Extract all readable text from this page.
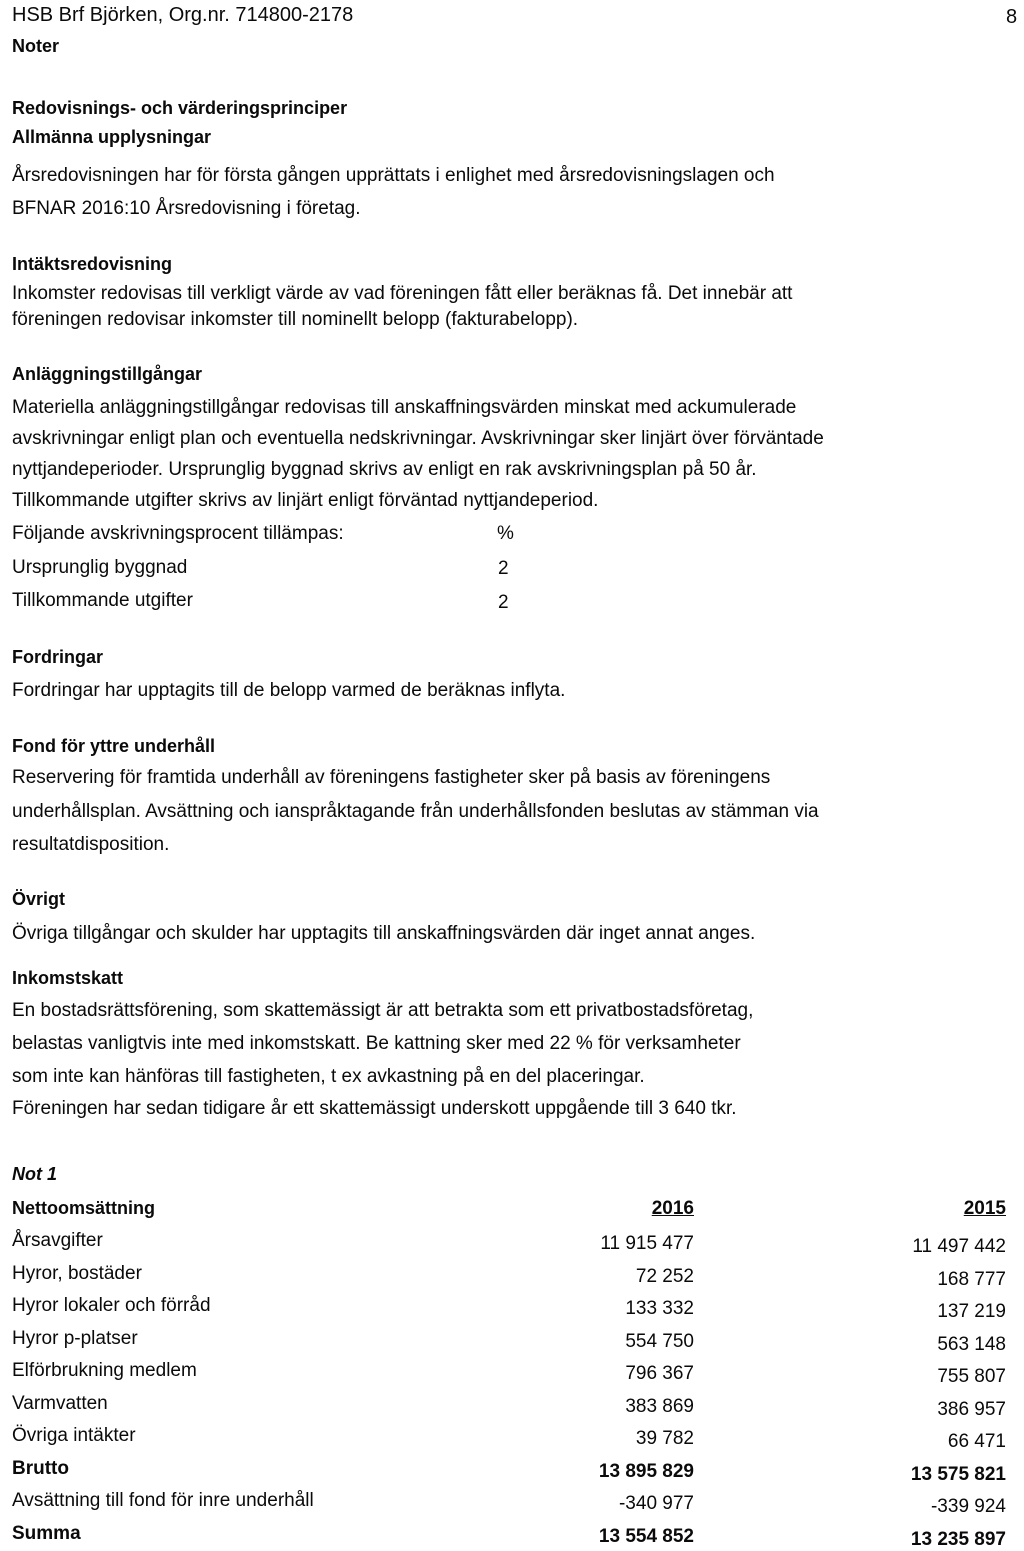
HSB Brf Björken, Org.nr. 714800-2178	8
Noter
Redovisnings- och värderingsprinciper
Allmänna upplysningar
Årsredovisningen har för första gången upprättats i enlighet med årsredovisningslagen och
BFNAR 2016:10 Årsredovisning i företag.
Intäktsredovisning
Inkomster redovisas till verkligt värde av vad föreningen fått eller beräknas få. Det innebär att
föreningen redovisar inkomster till nominellt belopp (fakturabelopp).
Anläggningstillgångar
Materiella anläggningstillgångar redovisas till anskaffningsvärden minskat med ackumulerade
avskrivningar enligt plan och eventuella nedskrivningar. Avskrivningar sker linjärt över förväntade
nyttjandeperioder. Ursprunglig byggnad skrivs av enligt en rak avskrivningsplan på 50 år.
Tillkommande utgifter skrivs av linjärt enligt förväntad nyttjandeperiod.
Följande avskrivningsprocent tillämpas:	%
Ursprunglig byggnad	2
Tillkommande utgifter	2
Fordringar
Fordringar har upptagits till de belopp varmed de beräknas inflyta.
Fond för yttre underhåll
Reservering för framtida underhåll av föreningens fastigheter sker på basis av föreningens
underhållsplan. Avsättning och ianspråktagande från underhållsfonden beslutas av stämman via
resultatdisposition.
Övrigt
Övriga tillgångar och skulder har upptagits till anskaffningsvärden där inget annat anges.
Inkomstskatt
En bostadsrättsförening, som skattemässigt är att betrakta som ett privatbostadsföretag,
belastas vanligtvis inte med inkomstskatt. Be kattning sker med 22 % för verksamheter
som inte kan hänföras till fastigheten, t ex avkastning på en del placeringar.
Föreningen har sedan tidigare år ett skattemässigt underskott uppgående till 3 640 tkr.
Not 1
Nettoomsättning	2016	2015
Årsavgifter	11 915 477	11 497 442
Hyror, bostäder	72 252	168 777
Hyror lokaler och förråd	133 332	137 219
Hyror p-platser	554 750	563 148
Elförbrukning medlem	796 367	755 807
Varmvatten	383 869	386 957
Övriga intäkter	39 782	66 471
Brutto	13 895 829	13 575 821
Avsättning till fond för inre underhåll	-340 977	-339 924
Summa	13 554 852	13 235 897
